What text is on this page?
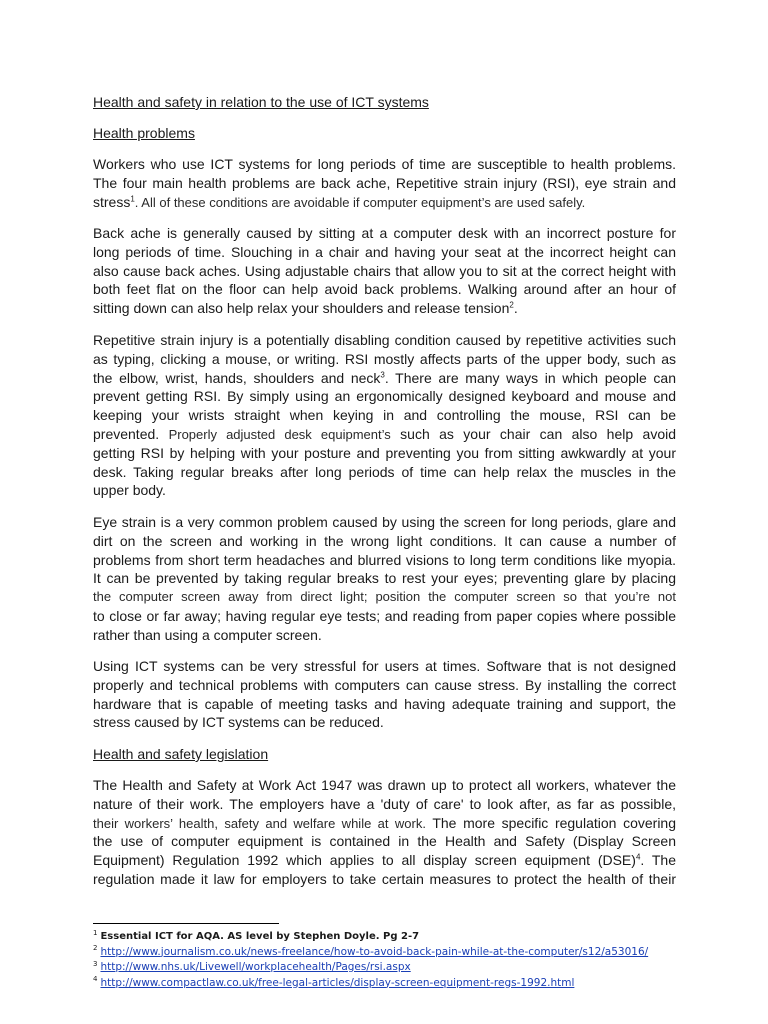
Health and safety in relation to the use of ICT systems
Health problems
Workers who use ICT systems for long periods of time are susceptible to health problems.
The four main health problems are back ache, Repetitive strain injury (RSI), eye strain and
stress$^1$. All of these conditions are avoidable if computer equipment’s are used safely.
Back ache is generally caused by sitting at a computer desk with an incorrect posture for
long periods of time. Slouching in a chair and having your seat at the incorrect height can
also cause back aches. Using adjustable chairs that allow you to sit at the correct height with
both feet flat on the floor can help avoid back problems. Walking around after an hour of
sitting down can also help relax your shoulders and release tension$^2$.
Repetitive strain injury is a potentially disabling condition caused by repetitive activities such
as typing, clicking a mouse, or writing. RSI mostly affects parts of the upper body, such as
the elbow, wrist, hands, shoulders and neck$^3$. There are many ways in which people can
prevent getting RSI. By simply using an ergonomically designed keyboard and mouse and
keeping your wrists straight when keying in and controlling the mouse, RSI can be
prevented. Properly adjusted desk equipment’s such as your chair can also help avoid
getting RSI by helping with your posture and preventing you from sitting awkwardly at your
desk. Taking regular breaks after long periods of time can help relax the muscles in the
upper body.
Eye strain is a very common problem caused by using the screen for long periods, glare and
dirt on the screen and working in the wrong light conditions. It can cause a number of
problems from short term headaches and blurred visions to long term conditions like myopia.
It can be prevented by taking regular breaks to rest your eyes; preventing glare by placing
the computer screen away from direct light; position the computer screen so that you’re not
to close or far away; having regular eye tests; and reading from paper copies where possible
rather than using a computer screen.
Using ICT systems can be very stressful for users at times. Software that is not designed
properly and technical problems with computers can cause stress. By installing the correct
hardware that is capable of meeting tasks and having adequate training and support, the
stress caused by ICT systems can be reduced.
Health and safety legislation
The Health and Safety at Work Act 1947 was drawn up to protect all workers, whatever the
nature of their work. The employers have a 'duty of care' to look after, as far as possible,
their workers’ health, safety and welfare while at work. The more specific regulation covering
the use of computer equipment is contained in the Health and Safety (Display Screen
Equipment) Regulation 1992 which applies to all display screen equipment (DSE)$^4$. The
regulation made it law for employers to take certain measures to protect the health of their
$^1$ Essential ICT for AQA. AS level by Stephen Doyle. Pg 2-7
$^2$ http://www.journalism.co.uk/news-freelance/how-to-avoid-back-pain-while-at-the-computer/s12/a53016/
$^3$ http://www.nhs.uk/Livewell/workplacehealth/Pages/rsi.aspx
$^4$ http://www.compactlaw.co.uk/free-legal-articles/display-screen-equipment-regs-1992.html
